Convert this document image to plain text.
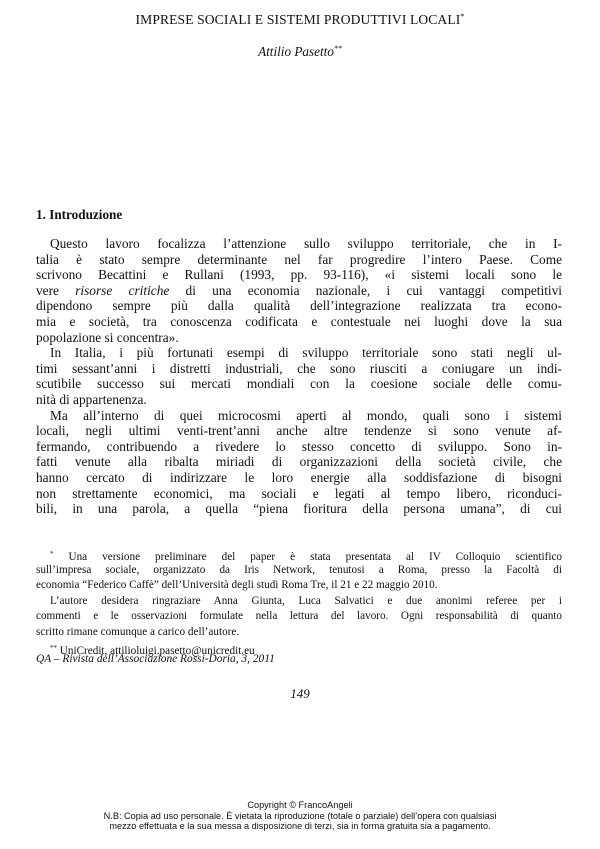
IMPRESE SOCIALI E SISTEMI PRODUTTIVI LOCALI*
Attilio Pasetto**
1. Introduzione
Questo lavoro focalizza l’attenzione sullo sviluppo territoriale, che in I-
talia è stato sempre determinante nel far progredire l’intero Paese. Come
scrivono Becattini e Rullani (1993, pp. 93-116), «i sistemi locali sono le
vere risorse critiche di una economia nazionale, i cui vantaggi competitivi
dipendono sempre più dalla qualità dell’integrazione realizzata tra econo-
mia e società, tra conoscenza codificata e contestuale nei luoghi dove la sua
popolazione si concentra».
In Italia, i più fortunati esempi di sviluppo territoriale sono stati negli ul-
timi sessant’anni i distretti industriali, che sono riusciti a coniugare un indi-
scutibile successo sui mercati mondiali con la coesione sociale delle comu-
nità di appartenenza.
Ma all’interno di quei microcosmi aperti al mondo, quali sono i sistemi
locali, negli ultimi venti-trent’anni anche altre tendenze si sono venute af-
fermando, contribuendo a rivedere lo stesso concetto di sviluppo. Sono in-
fatti venute alla ribalta miriadi di organizzazioni della società civile, che
hanno cercato di indirizzare le loro energie alla soddisfazione di bisogni
non strettamente economici, ma sociali e legati al tempo libero, riconduci-
bili, in una parola, a quella “piena fioritura della persona umana”, di cui
* Una versione preliminare del paper è stata presentata al IV Colloquio scientifico
sull’impresa sociale, organizzato da Iris Network, tenutosi a Roma, presso la Facoltà di
economia “Federico Caffè” dell’Università degli studi Roma Tre, il 21 e 22 maggio 2010.
L’autore desidera ringraziare Anna Giunta, Luca Salvatici e due anonimi referee per i
commenti e le osservazioni formulate nella lettura del lavoro. Ogni responsabilità di quanto
scritto rimane comunque a carico dell’autore.
** UniCredit, attilioluigi.pasetto@unicredit.eu
QA – Rivista dell’Associazione Rossi-Doria, 3, 2011
149
Copyright © FrancoAngeli
N.B: Copia ad uso personale. È vietata la riproduzione (totale o parziale) dell’opera con qualsiasi
mezzo effettuata e la sua messa a disposizione di terzi, sia in forma gratuita sia a pagamento.
